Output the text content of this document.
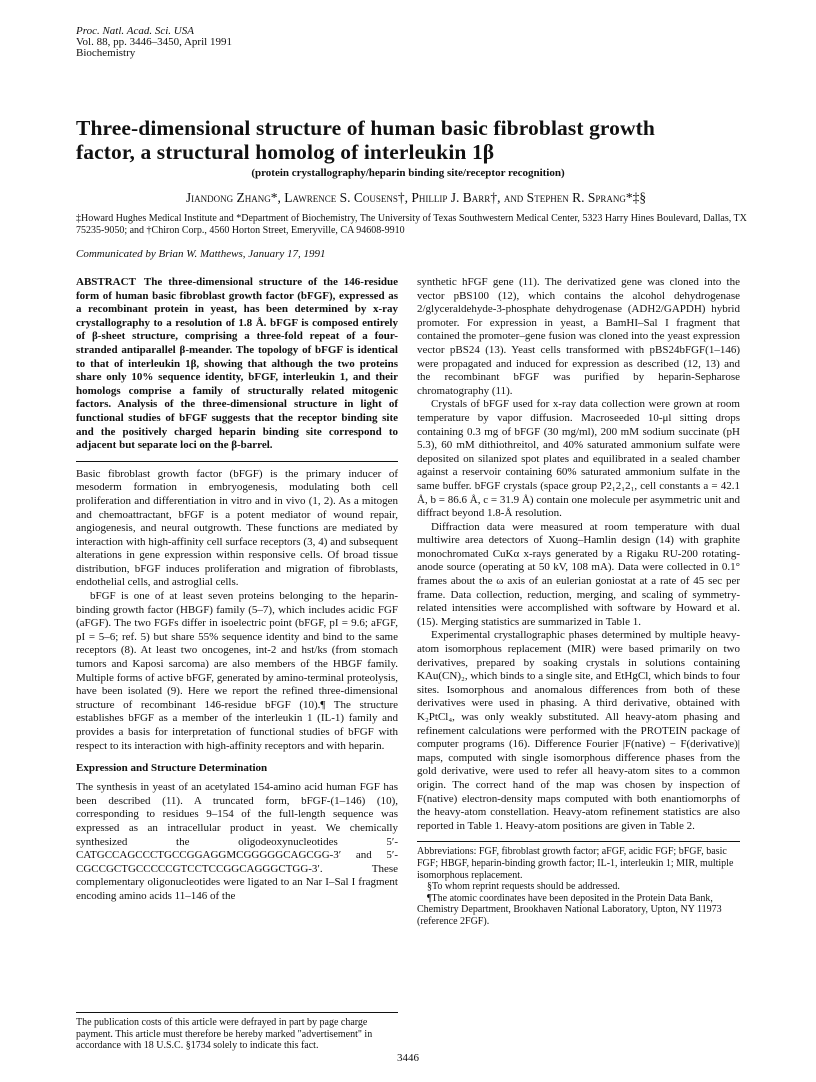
Proc. Natl. Acad. Sci. USA
Vol. 88, pp. 3446–3450, April 1991
Biochemistry
Three-dimensional structure of human basic fibroblast growth
factor, a structural homolog of interleukin 1β
(protein crystallography/heparin binding site/receptor recognition)
Jiandong Zhang*, Lawrence S. Cousens†, Phillip J. Barr†, and Stephen R. Sprang*‡§
‡Howard Hughes Medical Institute and *Department of Biochemistry, The University of Texas Southwestern Medical Center, 5323 Harry Hines Boulevard, Dallas, TX 75235-9050; and †Chiron Corp., 4560 Horton Street, Emeryville, CA 94608-9910
Communicated by Brian W. Matthews, January 17, 1991

ABSTRACT The three-dimensional structure of the 146-residue form of human basic fibroblast growth factor (bFGF), expressed as a recombinant protein in yeast, has been determined by x-ray crystallography to a resolution of 1.8 Å. bFGF is composed entirely of β-sheet structure, comprising a three-fold repeat of a four-stranded antiparallel β-meander. The topology of bFGF is identical to that of interleukin 1β, showing that although the two proteins share only 10% sequence identity, bFGF, interleukin 1, and their homologs comprise a family of structurally related mitogenic factors. Analysis of the three-dimensional structure in light of functional studies of bFGF suggests that the receptor binding site and the positively charged heparin binding site correspond to adjacent but separate loci on the β-barrel.

Basic fibroblast growth factor (bFGF) is the primary inducer of mesoderm formation in embryogenesis, modulating both cell proliferation and differentiation in vitro and in vivo (1, 2). As a mitogen and chemoattractant, bFGF is a potent mediator of wound repair, angiogenesis, and neural outgrowth. These functions are mediated by interaction with high-affinity cell surface receptors (3, 4) and subsequent alterations in gene expression within responsive cells. Of broad tissue distribution, bFGF induces proliferation and migration of fibroblasts, endothelial cells, and astroglial cells.

bFGF is one of at least seven proteins belonging to the heparin-binding growth factor (HBGF) family (5–7), which includes acidic FGF (aFGF). The two FGFs differ in isoelectric point (bFGF, pI = 9.6; aFGF, pI = 5–6; ref. 5) but share 55% sequence identity and bind to the same receptors (8). At least two oncogenes, int-2 and hst/ks (from stomach tumors and Kaposi sarcoma) are also members of the HBGF family. Multiple forms of active bFGF, generated by amino-terminal proteolysis, have been isolated (9). Here we report the refined three-dimensional structure of recombinant 146-residue bFGF (10).¶ The structure establishes bFGF as a member of the interleukin 1 (IL-1) family and provides a basis for interpretation of functional studies of bFGF with respect to its interaction with high-affinity receptors and with heparin.

Expression and Structure Determination

The synthesis in yeast of an acetylated 154-amino acid human FGF has been described (11). A truncated form, bFGF-(1–146) (10), corresponding to residues 9–154 of the full-length sequence was expressed as an intracellular product in yeast. We chemically synthesized the oligodeoxynucleotides 5′-CATGCCAGCCCTGCCGGAGGMCGGGGGCAGCGG-3′ and 5′-CGCCGCTGCCCCCGTCCTCCGGCAGGGCTGG-3′. These complementary oligonucleotides were ligated to an Nar I–Sal I fragment encoding amino acids 11–146 of the

synthetic hFGF gene (11). The derivatized gene was cloned into the vector pBS100 (12), which contains the alcohol dehydrogenase 2/glyceraldehyde-3-phosphate dehydrogenase (ADH2/GAPDH) hybrid promoter. For expression in yeast, a BamHI–Sal I fragment that contained the promoter–gene fusion was cloned into the yeast expression vector pBS24 (13). Yeast cells transformed with pBS24bFGF(1–146) were propagated and induced for expression as described (12, 13) and the recombinant bFGF was purified by heparin-Sepharose chromatography (11).

Crystals of bFGF used for x-ray data collection were grown at room temperature by vapor diffusion. Macroseeded 10-μl sitting drops containing 0.3 mg of bFGF (30 mg/ml), 200 mM sodium succinate (pH 5.3), 60 mM dithiothreitol, and 40% saturated ammonium sulfate were deposited on silanized spot plates and equilibrated in a sealed chamber against a reservoir containing 60% saturated ammonium sulfate in the same buffer. bFGF crystals (space group P2₁2₁2₁, cell constants a = 42.1 Å, b = 86.6 Å, c = 31.9 Å) contain one molecule per asymmetric unit and diffract beyond 1.8-Å resolution.

Diffraction data were measured at room temperature with dual multiwire area detectors of Xuong–Hamlin design (14) with graphite monochromated CuKα x-rays generated by a Rigaku RU-200 rotating-anode source (operating at 50 kV, 108 mA). Data were collected in 0.1° frames about the ω axis of an eulerian goniostat at a rate of 45 sec per frame. Data collection, reduction, merging, and scaling of symmetry-related intensities were accomplished with software by Howard et al. (15). Merging statistics are summarized in Table 1.

Experimental crystallographic phases determined by multiple heavy-atom isomorphous replacement (MIR) were based primarily on two derivatives, prepared by soaking crystals in solutions containing KAu(CN)₂, which binds to a single site, and EtHgCl, which binds to four sites. Isomorphous and anomalous differences from both of these derivatives were used in phasing. A third derivative, obtained with K₂PtCl₄, was only weakly substituted. All heavy-atom phasing and refinement calculations were performed with the PROTEIN package of computer programs (16). Difference Fourier |F(native) − F(derivative)| maps, computed with single isomorphous difference phases from the gold derivative, were used to refer all heavy-atom sites to a common origin. The correct hand of the map was chosen by inspection of F(native) electron-density maps computed with both enantiomorphs of the heavy-atom constellation. Heavy-atom refinement statistics are also reported in Table 1. Heavy-atom positions are given in Table 2.

Abbreviations: FGF, fibroblast growth factor; aFGF, acidic FGF; bFGF, basic FGF; HBGF, heparin-binding growth factor; IL-1, interleukin 1; MIR, multiple isomorphous replacement.

§To whom reprint requests should be addressed.

¶The atomic coordinates have been deposited in the Protein Data Bank, Chemistry Department, Brookhaven National Laboratory, Upton, NY 11973 (reference 2FGF).

The publication costs of this article were defrayed in part by page charge payment. This article must therefore be hereby marked "advertisement" in accordance with 18 U.S.C. §1734 solely to indicate this fact.

3446
